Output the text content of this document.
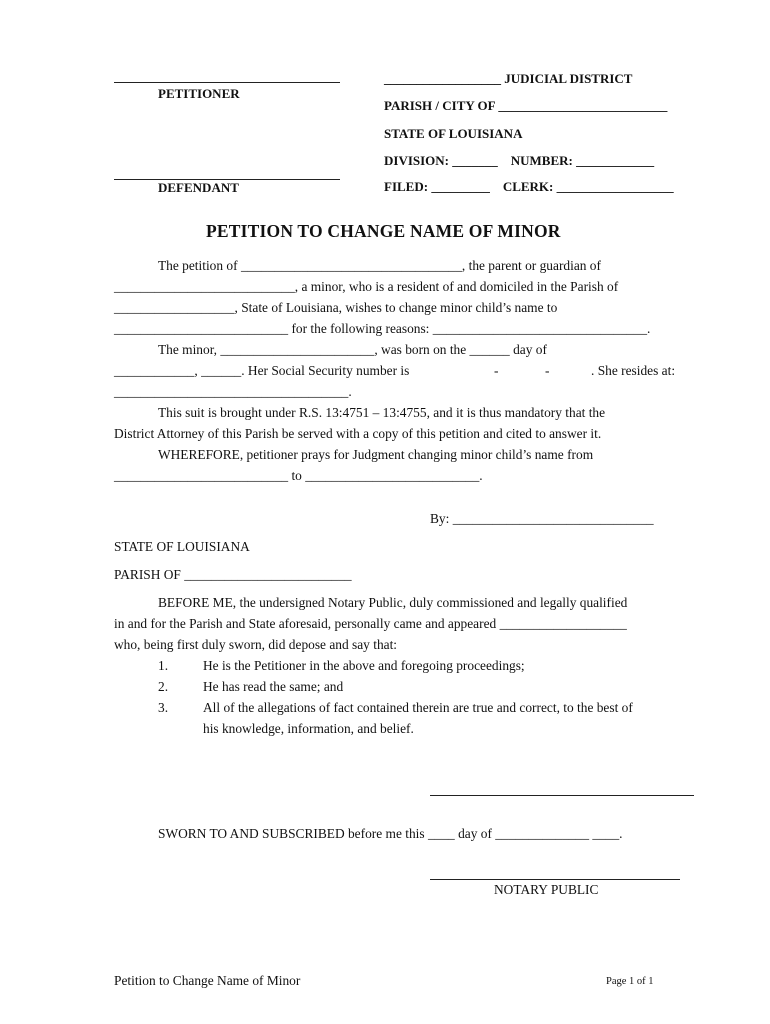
PETITIONER
DEFENDANT
__________________ JUDICIAL DISTRICT
PARISH / CITY OF __________________________
STATE OF LOUISIANA
DIVISION: _______ NUMBER: ____________
FILED: _________ CLERK: __________________
PETITION TO CHANGE NAME OF MINOR
The petition of _________________________________, the parent or guardian of
___________________________, a minor, who is a resident of and domiciled in the Parish of
__________________, State of Louisiana, wishes to change minor child’s name to
__________________________ for the following reasons: ________________________________.
The minor, _______________________, was born on the ______ day of
____________, ______. Her Social Security number is	-	-	. She resides at:
___________________________________.
This suit is brought under R.S. 13:4751 – 13:4755, and it is thus mandatory that the
District Attorney of this Parish be served with a copy of this petition and cited to answer it.
WHEREFORE, petitioner prays for Judgment changing minor child’s name from
__________________________ to __________________________.
By: ______________________________
STATE OF LOUISIANA
PARISH OF _________________________
BEFORE ME, the undersigned Notary Public, duly commissioned and legally qualified
in and for the Parish and State aforesaid, personally came and appeared ___________________
who, being first duly sworn, did depose and say that:
1.	He is the Petitioner in the above and foregoing proceedings;
2.	He has read the same; and
3.	All of the allegations of fact contained therein are true and correct, to the best of
his knowledge, information, and belief.
SWORN TO AND SUBSCRIBED before me this ____ day of ______________ ____.
NOTARY PUBLIC
Petition to Change Name of Minor	Page 1 of 1
